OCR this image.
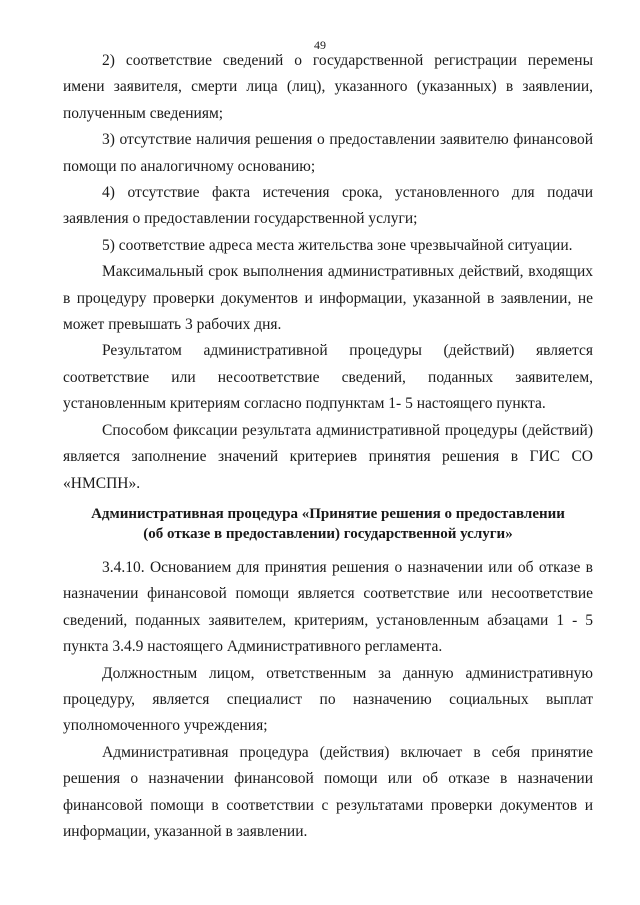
49

2) соответствие сведений о государственной регистрации перемены имени заявителя, смерти лица (лиц), указанного (указанных) в заявлении, полученным сведениям;

3) отсутствие наличия решения о предоставлении заявителю финансовой помощи по аналогичному основанию;

4) отсутствие факта истечения срока, установленного для подачи заявления о предоставлении государственной услуги;

5) соответствие адреса места жительства зоне чрезвычайной ситуации.

Максимальный срок выполнения административных действий, входящих в процедуру проверки документов и информации, указанной в заявлении, не может превышать 3 рабочих дня.

Результатом административной процедуры (действий) является соответствие или несоответствие сведений, поданных заявителем, установленным критериям согласно подпунктам 1- 5 настоящего пункта.

Способом фиксации результата административной процедуры (действий) является заполнение значений критериев принятия решения в ГИС СО «НМСПН».

Административная процедура «Принятие решения о предоставлении
(об отказе в предоставлении) государственной услуги»

3.4.10. Основанием для принятия решения о назначении или об отказе в назначении финансовой помощи является соответствие или несоответствие сведений, поданных заявителем, критериям, установленным абзацами 1 - 5 пункта 3.4.9 настоящего Административного регламента.

Должностным лицом, ответственным за данную административную процедуру, является специалист по назначению социальных выплат уполномоченного учреждения;

Административная процедура (действия) включает в себя принятие решения о назначении финансовой помощи или об отказе в назначении финансовой помощи в соответствии с результатами проверки документов и информации, указанной в заявлении.
